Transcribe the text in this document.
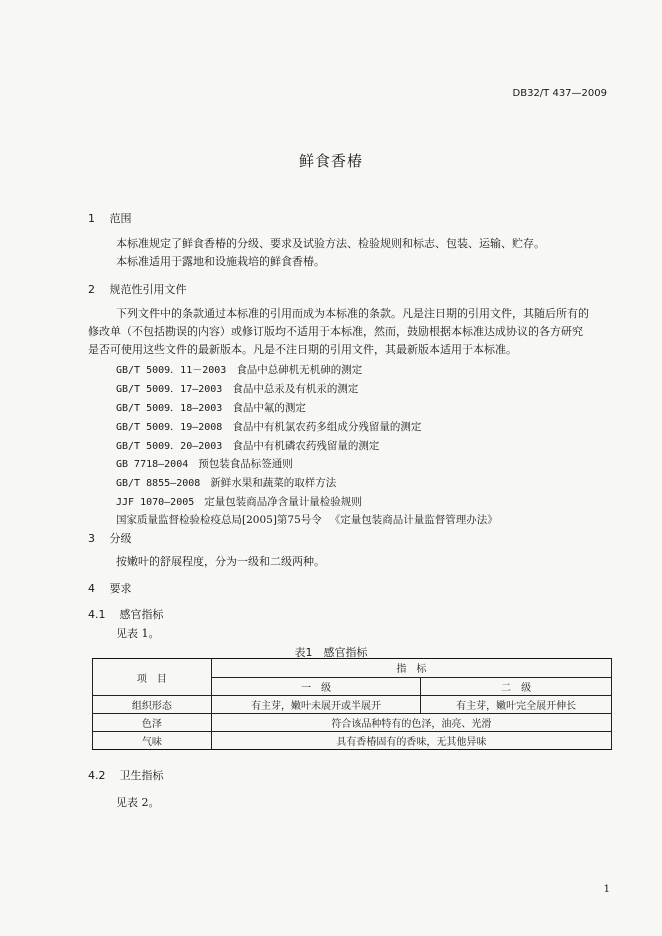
DB32/T 437—2009
鲜食香椿
1 范围
本标准规定了鲜食香椿的分级、要求及试验方法、检验规则和标志、包装、运输、贮存。
本标准适用于露地和设施栽培的鲜食香椿。
2 规范性引用文件
下列文件中的条款通过本标准的引用而成为本标准的条款。凡是注日期的引用文件，其随后所有的
修改单（不包括勘误的内容）或修订版均不适用于本标准，然而，鼓励根据本标准达成协议的各方研究
是否可使用这些文件的最新版本。凡是不注日期的引用文件，其最新版本适用于本标准。
GB/T 5009．11－2003 食品中总砷机无机砷的测定
GB/T 5009．17—2003 食品中总汞及有机汞的测定
GB/T 5009．18—2003 食品中氟的测定
GB/T 5009．19—2008 食品中有机氯农药多组成分残留量的测定
GB/T 5009．20—2003 食品中有机磷农药残留量的测定
GB 7718—2004 预包装食品标签通则
GB/T 8855—2008 新鲜水果和蔬菜的取样方法
JJF 1070—2005 定量包装商品净含量计量检验规则
国家质量监督检验检疫总局[2005]第75号令 《定量包装商品计量监督管理办法》
3 分级
按嫩叶的舒展程度，分为一级和二级两种。
4 要求
4.1 感官指标
见表 1。
表1　感官指标
项　目	指　标	
	一　级	二　级
组织形态	有主芽，嫩叶未展开或半展开	有主芽，嫩叶完全展开伸长
色泽	符合该品种特有的色泽，油亮、光滑	
气味	具有香椿固有的香味，无其他异味	
4.2 卫生指标
见表 2。
1
